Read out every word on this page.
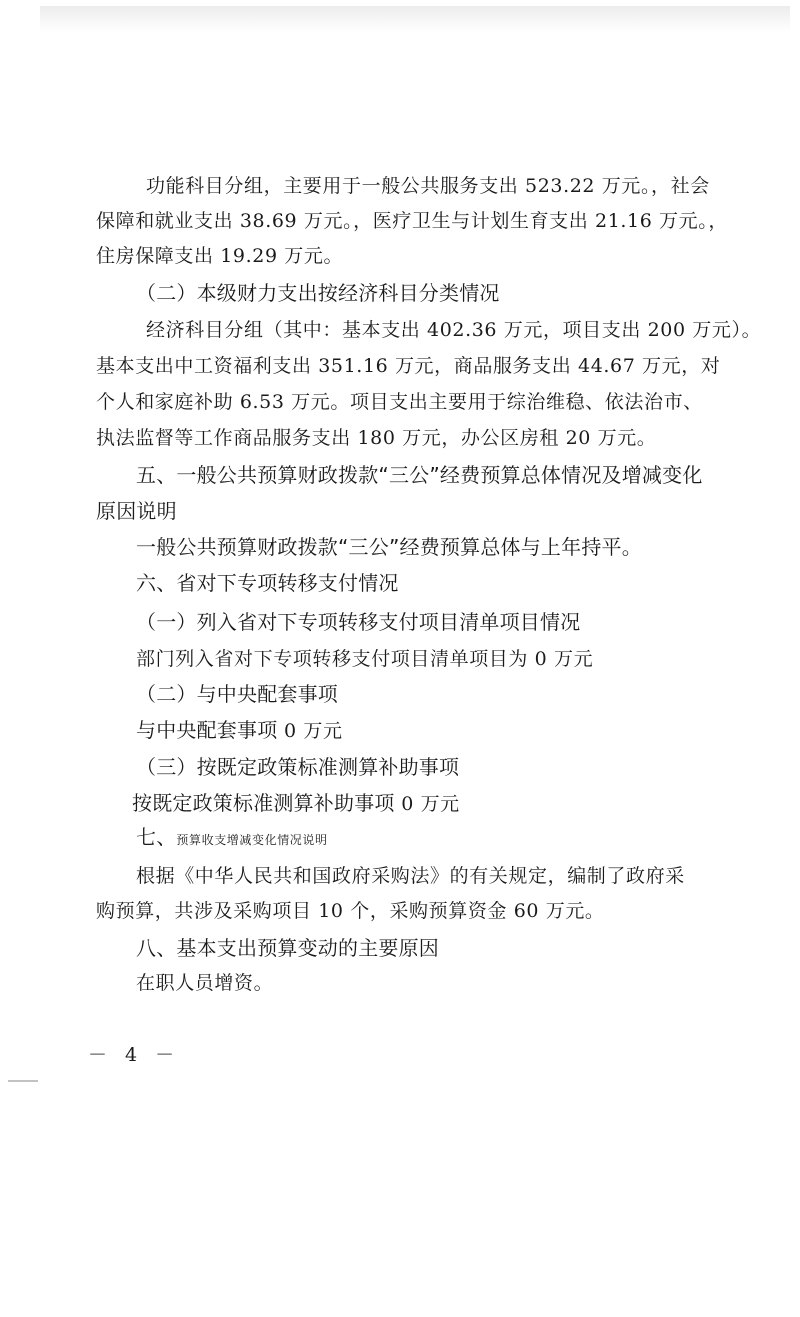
功能科目分组，主要用于一般公共服务支出 523.22 万元。，社会
保障和就业支出 38.69 万元。，医疗卫生与计划生育支出 21.16 万元。，
住房保障支出 19.29 万元。
（二）本级财力支出按经济科目分类情况
经济科目分组（其中：基本支出 402.36 万元，项目支出 200 万元）。
基本支出中工资福利支出 351.16 万元，商品服务支出 44.67 万元，对
个人和家庭补助 6.53 万元。项目支出主要用于综治维稳、依法治市、
执法监督等工作商品服务支出 180 万元，办公区房租 20 万元。
五、一般公共预算财政拨款“三公”经费预算总体情况及增减变化
原因说明
一般公共预算财政拨款“三公”经费预算总体与上年持平。
六、省对下专项转移支付情况
（一）列入省对下专项转移支付项目清单项目情况
部门列入省对下专项转移支付项目清单项目为 0 万元
（二）与中央配套事项
与中央配套事项 0 万元
（三）按既定政策标准测算补助事项
按既定政策标准测算补助事项 0 万元
七、预算收支增减变化情况说明
根据《中华人民共和国政府采购法》的有关规定，编制了政府采
购预算，共涉及采购项目 10 个，采购预算资金 60 万元。
八、基本支出预算变动的主要原因
在职人员增资。
－ 4 －
